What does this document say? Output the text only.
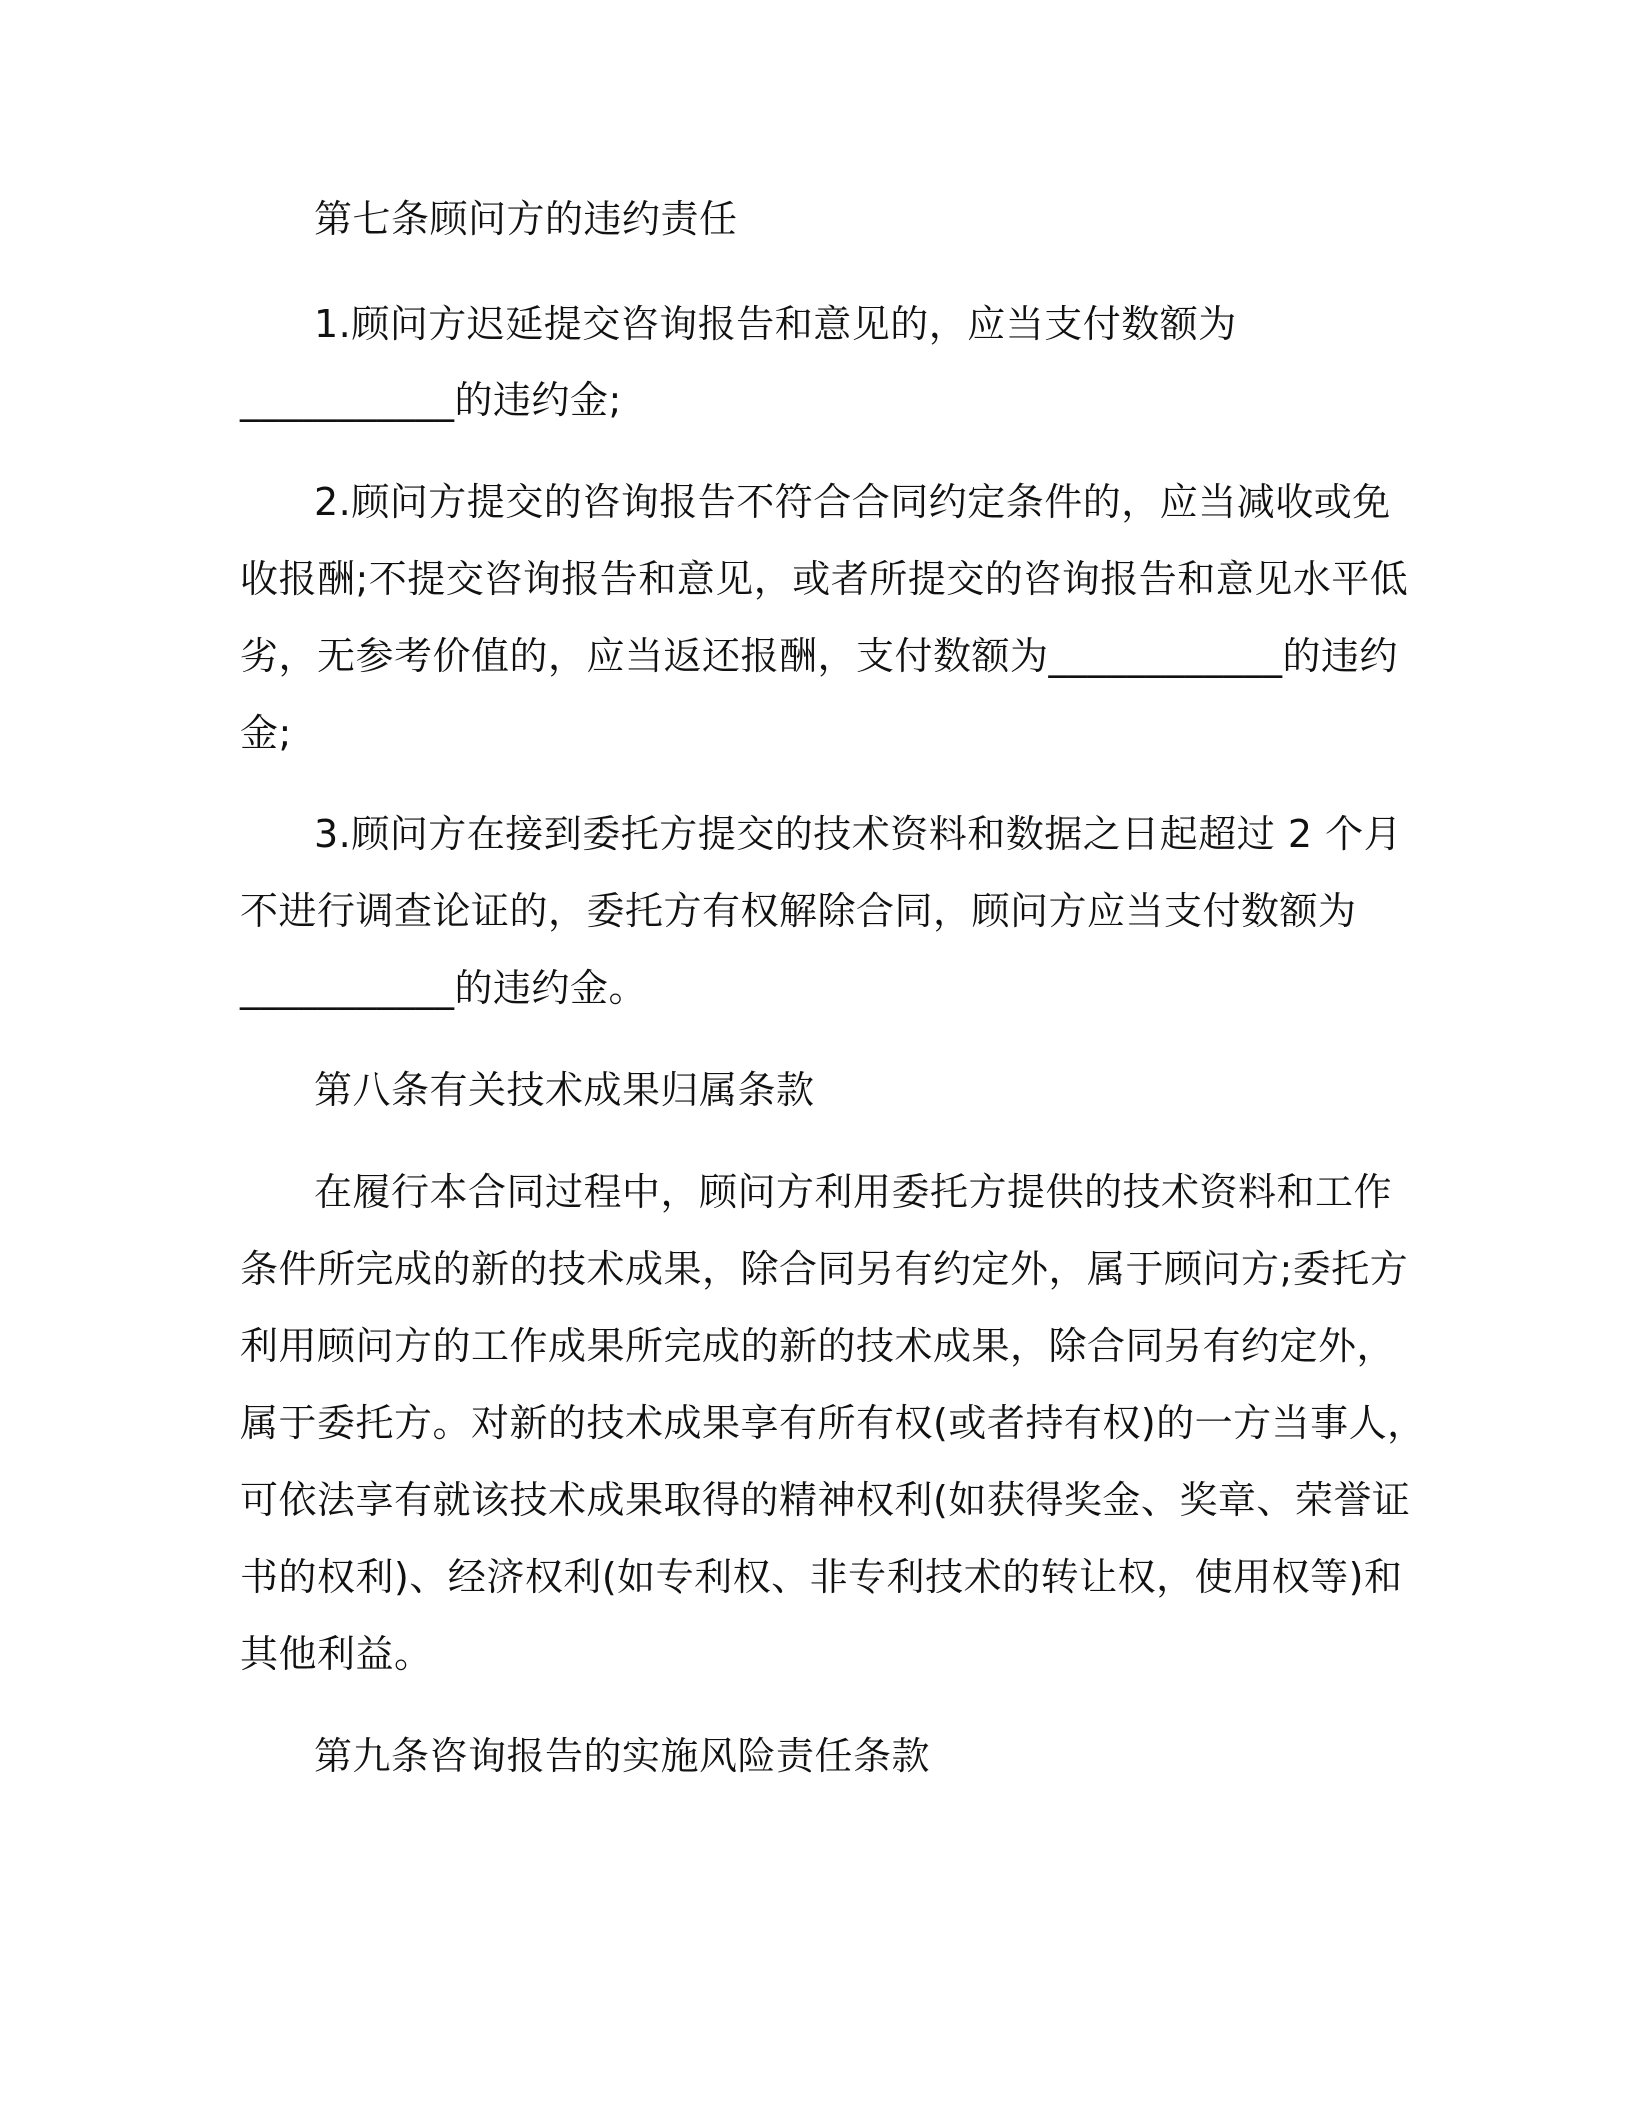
第七条顾问方的违约责任
1.顾问方迟延提交咨询报告和意见的，应当支付数额为
___________的违约金;
2.顾问方提交的咨询报告不符合合同约定条件的，应当减收或免
收报酬;不提交咨询报告和意见，或者所提交的咨询报告和意见水平低
劣，无参考价值的，应当返还报酬，支付数额为____________的违约
金;
3.顾问方在接到委托方提交的技术资料和数据之日起超过 2 个月
不进行调查论证的，委托方有权解除合同，顾问方应当支付数额为
___________的违约金。
第八条有关技术成果归属条款
在履行本合同过程中，顾问方利用委托方提供的技术资料和工作
条件所完成的新的技术成果，除合同另有约定外，属于顾问方;委托方
利用顾问方的工作成果所完成的新的技术成果，除合同另有约定外，
属于委托方。对新的技术成果享有所有权(或者持有权)的一方当事人，
可依法享有就该技术成果取得的精神权利(如获得奖金、奖章、荣誉证
书的权利)、经济权利(如专利权、非专利技术的转让权，使用权等)和
其他利益。
第九条咨询报告的实施风险责任条款
